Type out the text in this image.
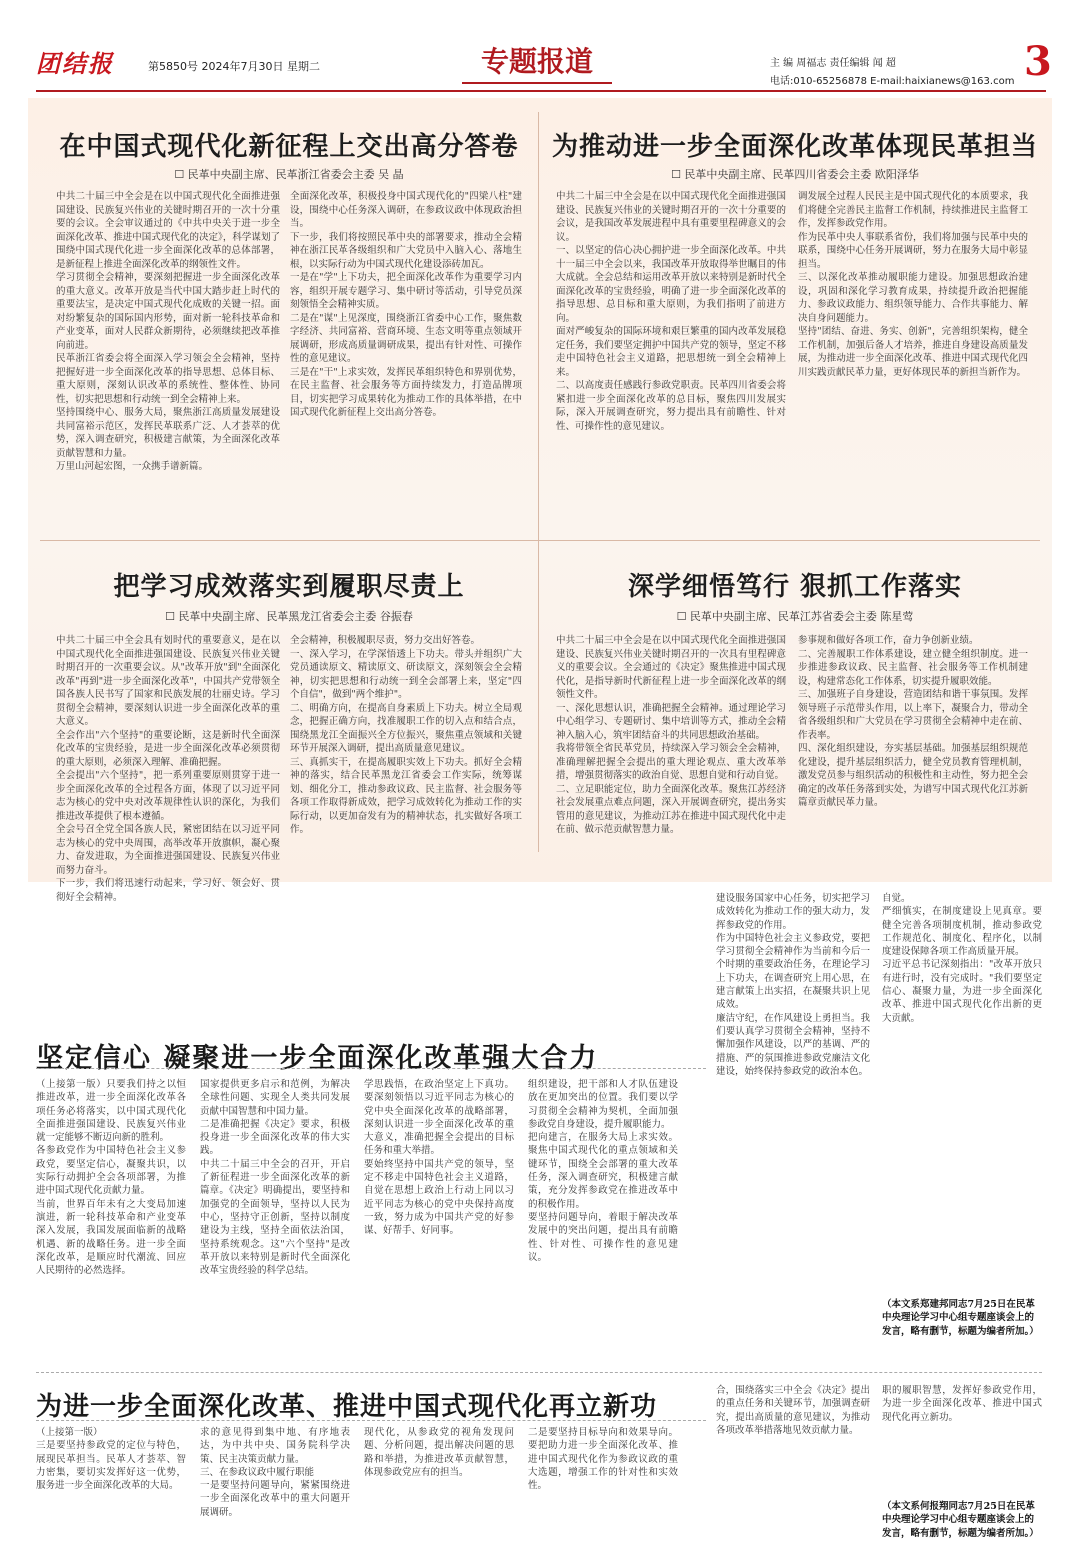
团结报	第5850号 2024年7月30日 星期二	专题报道	主 编 周福志 责任编辑 闻 超
电话:010-65256878 E-mail:haixianews@163.com 3
在中国式现代化新征程上交出高分答卷
☐ 民革中央副主席、民革浙江省委会主委 吴 晶
中共二十届三中全会是在以中国式现代化全面推进强国建设、民族复兴伟业的关键时期召开的一次十分重要的会议。全会审议通过的《中共中央关于进一步全面深化改革、推进中国式现代化的决定》，科学谋划了围绕中国式现代化进一步全面深化改革的总体部署，是新征程上推进全面深化改革的纲领性文件。
学习贯彻全会精神，要深刻把握进一步全面深化改革的重大意义。改革开放是当代中国大踏步赶上时代的重要法宝，是决定中国式现代化成败的关键一招。面对纷繁复杂的国际国内形势，面对新一轮科技革命和产业变革，面对人民群众新期待，必须继续把改革推向前进。
民革浙江省委会将全面深入学习领会全会精神，坚持把握好进一步全面深化改革的指导思想、总体目标、重大原则，深刻认识改革的系统性、整体性、协同性，切实把思想和行动统一到全会精神上来。
坚持围绕中心、服务大局，聚焦浙江高质量发展建设共同富裕示范区，发挥民革联系广泛、人才荟萃的优势，深入调查研究，积极建言献策，为全面深化改革贡献智慧和力量。
万里山河起宏图，一众携手谱新篇。
全面深化改革，积极投身中国式现代化的"四梁八柱"建设，围绕中心任务深入调研，在参政议政中体现政治担当。
下一步，我们将按照民革中央的部署要求，推动全会精神在浙江民革各级组织和广大党员中入脑入心、落地生根，以实际行动为中国式现代化建设添砖加瓦。
一是在"学"上下功夫，把全面深化改革作为重要学习内容，组织开展专题学习、集中研讨等活动，引导党员深刻领悟全会精神实质。
二是在"谋"上见深度，围绕浙江省委中心工作，聚焦数字经济、共同富裕、营商环境、生态文明等重点领域开展调研，形成高质量调研成果，提出有针对性、可操作性的意见建议。
三是在"干"上求实效，发挥民革组织特色和界别优势，在民主监督、社会服务等方面持续发力，打造品牌项目，切实把学习成果转化为推动工作的具体举措，在中国式现代化新征程上交出高分答卷。
为推动进一步全面深化改革体现民革担当
☐ 民革中央副主席、民革四川省委会主委 欧阳泽华
中共二十届三中全会是在以中国式现代化全面推进强国建设、民族复兴伟业的关键时期召开的一次十分重要的会议，是我国改革发展进程中具有重要里程碑意义的会议。
一、以坚定的信心决心拥护进一步全面深化改革。中共十一届三中全会以来，我国改革开放取得举世瞩目的伟大成就。全会总结和运用改革开放以来特别是新时代全面深化改革的宝贵经验，明确了进一步全面深化改革的指导思想、总目标和重大原则，为我们指明了前进方向。
面对严峻复杂的国际环境和艰巨繁重的国内改革发展稳定任务，我们要坚定拥护中国共产党的领导，坚定不移走中国特色社会主义道路，把思想统一到全会精神上来。
二、以高度责任感践行参政党职责。民革四川省委会将紧扣进一步全面深化改革的总目标，聚焦四川发展实际，深入开展调查研究，努力提出具有前瞻性、针对性、可操作性的意见建议。
调发展全过程人民民主是中国式现代化的本质要求，我们将健全完善民主监督工作机制，持续推进民主监督工作，发挥参政党作用。
作为民革中央人事联系省份，我们将加强与民革中央的联系，围绕中心任务开展调研，努力在服务大局中彰显担当。
三、以深化改革推动履职能力建设。加强思想政治建设，巩固和深化学习教育成果，持续提升政治把握能力、参政议政能力、组织领导能力、合作共事能力、解决自身问题能力。
坚持"团结、奋进、务实、创新"，完善组织架构，健全工作机制，加强后备人才培养，推进自身建设高质量发展，为推动进一步全面深化改革、推进中国式现代化四川实践贡献民革力量，更好体现民革的新担当新作为。
把学习成效落实到履职尽责上
☐ 民革中央副主席、民革黑龙江省委会主委 谷振春
中共二十届三中全会具有划时代的重要意义，是在以中国式现代化全面推进强国建设、民族复兴伟业关键时期召开的一次重要会议。从"改革开放"到"全面深化改革"再到"进一步全面深化改革"，中国共产党带领全国各族人民书写了国家和民族发展的壮丽史诗。学习贯彻全会精神，要深刻认识进一步全面深化改革的重大意义。
全会作出"六个坚持"的重要论断，这是新时代全面深化改革的宝贵经验，是进一步全面深化改革必须贯彻的重大原则，必须深入理解、准确把握。
全会提出"六个坚持"，把一系列重要原则贯穿于进一步全面深化改革的全过程各方面，体现了以习近平同志为核心的党中央对改革规律性认识的深化，为我们推进改革提供了根本遵循。
全会号召全党全国各族人民，紧密团结在以习近平同志为核心的党中央周围，高举改革开放旗帜，凝心聚力、奋发进取，为全面推进强国建设、民族复兴伟业而努力奋斗。
下一步，我们将迅速行动起来，学习好、领会好、贯彻好全会精神。
全会精神，积极履职尽责，努力交出好答卷。
一、深入学习，在学深悟透上下功夫。带头并组织广大党员通读原文、精读原文、研读原文，深刻领会全会精神，切实把思想和行动统一到全会部署上来，坚定"四个自信"，做到"两个维护"。
二、明确方向，在提高自身素质上下功夫。树立全局观念，把握正确方向，找准履职工作的切入点和结合点，围绕黑龙江全面振兴全方位振兴，聚焦重点领域和关键环节开展深入调研，提出高质量意见建议。
三、真抓实干，在提高履职实效上下功夫。抓好全会精神的落实，结合民革黑龙江省委会工作实际，统筹谋划、细化分工，推动参政议政、民主监督、社会服务等各项工作取得新成效，把学习成效转化为推动工作的实际行动，以更加奋发有为的精神状态，扎实做好各项工作。
深学细悟笃行 狠抓工作落实
☐ 民革中央副主席、民革江苏省委会主委 陈星莺
中共二十届三中全会是在以中国式现代化全面推进强国建设、民族复兴伟业关键时期召开的一次具有里程碑意义的重要会议。全会通过的《决定》聚焦推进中国式现代化，是指导新时代新征程上进一步全面深化改革的纲领性文件。
一、深化思想认识，准确把握全会精神。通过理论学习中心组学习、专题研讨、集中培训等方式，推动全会精神入脑入心，筑牢团结奋斗的共同思想政治基础。
我将带领全省民革党员，持续深入学习领会全会精神，准确理解把握全会提出的重大理论观点、重大改革举措，增强贯彻落实的政治自觉、思想自觉和行动自觉。
二、立足职能定位，助力全面深化改革。聚焦江苏经济社会发展重点难点问题，深入开展调查研究，提出务实管用的意见建议，为推动江苏在推进中国式现代化中走在前、做示范贡献智慧力量。
参事规和做好各项工作，奋力争创新业绩。
二、完善履职工作体系建设，建立健全组织制度。进一步推进参政议政、民主监督、社会服务等工作机制建设，构建常态化工作体系，切实提升履职效能。
三、加强班子自身建设，营造团结和谐干事氛围。发挥领导班子示范带头作用，以上率下，凝聚合力，带动全省各级组织和广大党员在学习贯彻全会精神中走在前、作表率。
四、深化组织建设，夯实基层基础。加强基层组织规范化建设，提升基层组织活力，健全党员教育管理机制，激发党员参与组织活动的积极性和主动性，努力把全会确定的改革任务落到实处，为谱写中国式现代化江苏新篇章贡献民革力量。
坚定信心 凝聚进一步全面深化改革强大合力
（上接第一版）只要我们持之以恒推进改革，进一步全面深化改革各项任务必将落实，以中国式现代化全面推进强国建设、民族复兴伟业就一定能够不断迈向新的胜利。
各参政党作为中国特色社会主义参政党，要坚定信心，凝聚共识，以实际行动拥护全会各项部署，为推进中国式现代化贡献力量。
当前，世界百年未有之大变局加速演进，新一轮科技革命和产业变革深入发展，我国发展面临新的战略机遇、新的战略任务。进一步全面深化改革，是顺应时代潮流、回应人民期待的必然选择。
国家提供更多启示和范例，为解决全球性问题、实现全人类共同发展贡献中国智慧和中国力量。
二是准确把握《决定》要求，积极投身进一步全面深化改革的伟大实践。
中共二十届三中全会的召开，开启了新征程进一步全面深化改革的新篇章。《决定》明确提出，要坚持和加强党的全面领导，坚持以人民为中心，坚持守正创新，坚持以制度建设为主线，坚持全面依法治国，坚持系统观念。这"六个坚持"是改革开放以来特别是新时代全面深化改革宝贵经验的科学总结。
学思践悟，在政治坚定上下真功。要深刻领悟以习近平同志为核心的党中央全面深化改革的战略部署，深刻认识进一步全面深化改革的重大意义，准确把握全会提出的目标任务和重大举措。
要始终坚持中国共产党的领导，坚定不移走中国特色社会主义道路，自觉在思想上政治上行动上同以习近平同志为核心的党中央保持高度一致，努力成为中国共产党的好参谋、好帮手、好同事。
组织建设，把干部和人才队伍建设放在更加突出的位置。我们要以学习贯彻全会精神为契机，全面加强参政党自身建设，提升履职能力。
把向建言，在服务大局上求实效。聚焦中国式现代化的重点领域和关键环节，围绕全会部署的重大改革任务，深入调查研究，积极建言献策，充分发挥参政党在推进改革中的积极作用。
要坚持问题导向，着眼于解决改革发展中的突出问题，提出具有前瞻性、针对性、可操作性的意见建议。
建设服务国家中心任务，切实把学习成效转化为推动工作的强大动力，发挥参政党的作用。
作为中国特色社会主义参政党，要把学习贯彻全会精神作为当前和今后一个时期的重要政治任务，在理论学习上下功夫，在调查研究上用心思，在建言献策上出实招，在凝聚共识上见成效。
廉洁守纪，在作风建设上勇担当。我们要认真学习贯彻全会精神，坚持不懈加强作风建设，以严的基调、严的措施、严的氛围推进参政党廉洁文化建设，始终保持参政党的政治本色。
自觉。
严细慎实，在制度建设上见真章。要健全完善各项制度机制，推动参政党工作规范化、制度化、程序化，以制度建设保障各项工作高质量开展。
习近平总书记深刻指出："改革开放只有进行时，没有完成时。"我们要坚定信心、凝聚力量，为进一步全面深化改革、推进中国式现代化作出新的更大贡献。
（本文系郑建邦同志7月25日在民革中央理论学习中心组专题座谈会上的发言，略有删节，标题为编者所加。）
为进一步全面深化改革、推进中国式现代化再立新功
（上接第一版）
三是要坚持参政党的定位与特色，展现民革担当。民革人才荟萃、智力密集，要切实发挥好这一优势，服务进一步全面深化改革的大局。
求的意见得到集中地、有序地表达，为中共中央、国务院科学决策、民主决策贡献力量。
三、在参政议政中履行职能
一是要坚持问题导向，紧紧围绕进一步全面深化改革中的重大问题开展调研。
现代化，从参政党的视角发现问题、分析问题，提出解决问题的思路和举措，为推进改革贡献智慧，体现参政党应有的担当。
二是要坚持目标导向和效果导向。要把助力进一步全面深化改革、推进中国式现代化作为参政议政的重大选题，增强工作的针对性和实效性。
合，围绕落实三中全会《决定》提出的重点任务和关键环节，加强调查研究，提出高质量的意见建议，为推动各项改革举措落地见效贡献力量。
职的履职智慧，发挥好参政党作用，为进一步全面深化改革、推进中国式现代化再立新功。
（本文系何报翔同志7月25日在民革中央理论学习中心组专题座谈会上的发言，略有删节，标题为编者所加。）
